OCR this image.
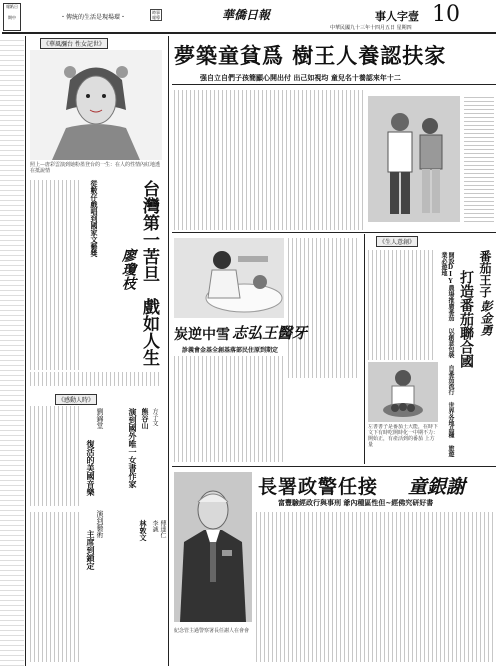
報紙日
期中	・傳統的生活是現場環・
時事報導	華僑日報	事人字壹 10
中華民國九十三年十四月五日 星期四
《華風瀰台 性女記世》
照上—唐彩雲演到她粉墨登台的一生：在人的性情內紅地透在抵說情
台灣第一苦旦
廖瓊枝
戲如人生
從數仔戲唱到國家文藝獎
《感動人時》
方子文
熊谷山
演到國外唯一女書作家
劉錦堂
復活的美國音樂
演到藝術
主席到鎖定
李誠
林敦文
夢築童貧爲 樹王人養認扶家
强自立自們子孩簡顯心開出付 出己如視均 童兒名十養認來年十二
炭逆中雪 志弘王醫牙
診義會金基全創基落部民住原到期定
《生人意創》
番茄王子
彭金勇
打造番茄聯合國
開設DIY農場推廣番茄 以創意包裝 自番茄流行 世界各地品種 旅遊業必遊地
左書書子是番茄土大能，在時下文下有時吃開時化一中期不力：開始正，有產活到的番茄 上方量
長署政警任接 童銀謝
富豐驗經政行與事刑 爺內種區性但~經佛究研好書
紀念管主過警察署長任謝人在會會
傳達仁
